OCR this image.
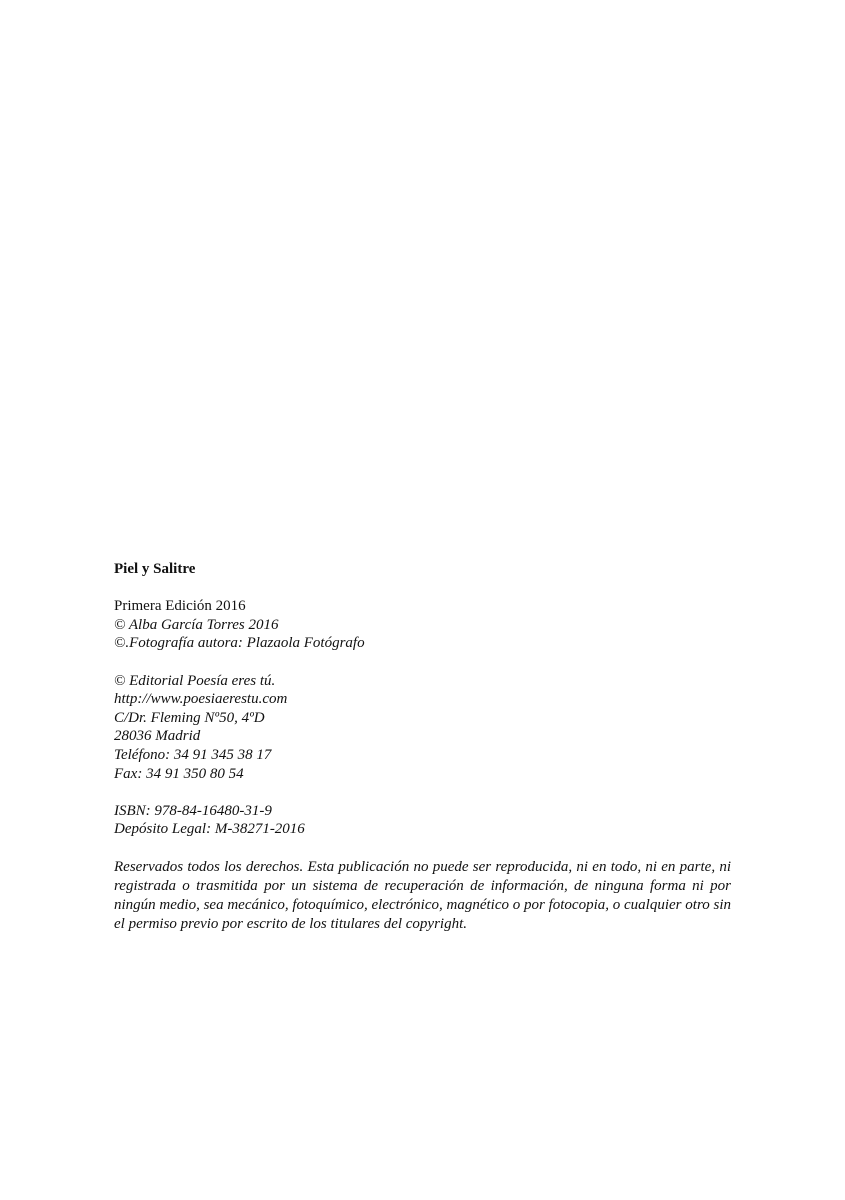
Piel y Salitre
Primera Edición 2016
© Alba García Torres 2016
©.Fotografía autora: Plazaola Fotógrafo
© Editorial Poesía eres tú.
http://www.poesiaerestu.com
C/Dr. Fleming Nº50, 4ºD
28036 Madrid
Teléfono: 34 91 345 38 17
Fax: 34 91 350 80 54
ISBN: 978-84-16480-31-9
Depósito Legal: M-38271-2016

Reservados todos los derechos. Esta publicación no puede ser reproducida, ni en todo, ni en parte, ni registrada o trasmitida por un sistema de recuperación de información, de ninguna forma ni por ningún medio, sea mecánico, fotoquímico, electrónico, magnético o por fotocopia, o cualquier otro sin el permiso previo por escrito de los titulares del copyright.
